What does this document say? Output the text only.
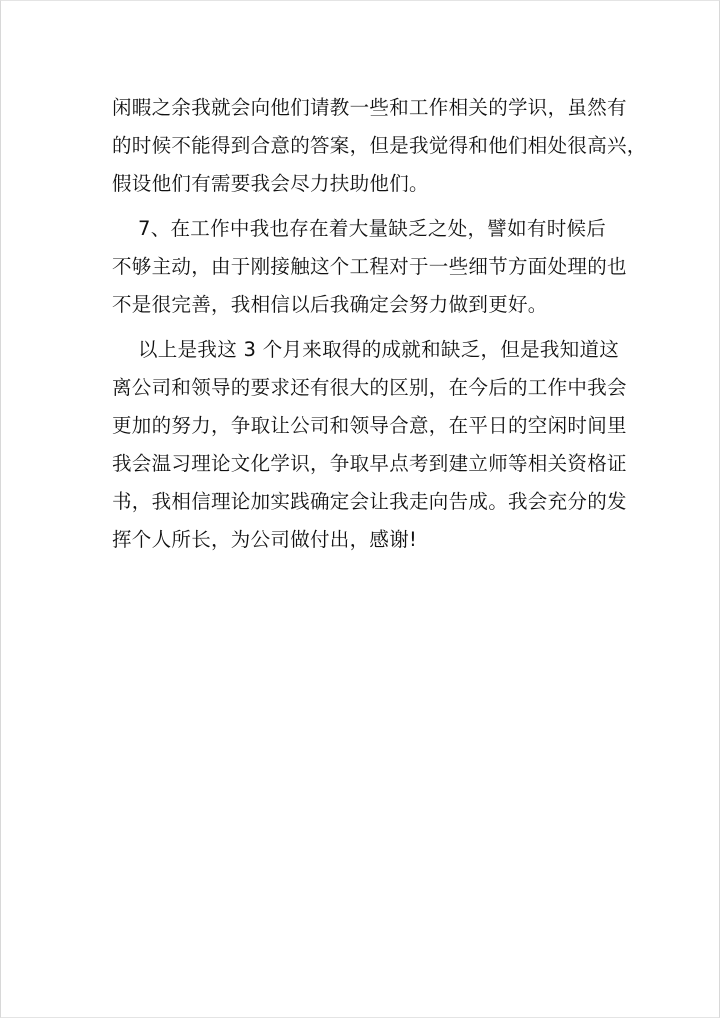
闲暇之余我就会向他们请教一些和工作相关的学识，虽然有
的时候不能得到合意的答案，但是我觉得和他们相处很高兴，
假设他们有需要我会尽力扶助他们。
7、在工作中我也存在着大量缺乏之处，譬如有时候后
不够主动，由于刚接触这个工程对于一些细节方面处理的也
不是很完善，我相信以后我确定会努力做到更好。
以上是我这 3 个月来取得的成就和缺乏，但是我知道这
离公司和领导的要求还有很大的区别，在今后的工作中我会
更加的努力，争取让公司和领导合意，在平日的空闲时间里
我会温习理论文化学识，争取早点考到建立师等相关资格证
书，我相信理论加实践确定会让我走向告成。我会充分的发
挥个人所长，为公司做付出，感谢!
